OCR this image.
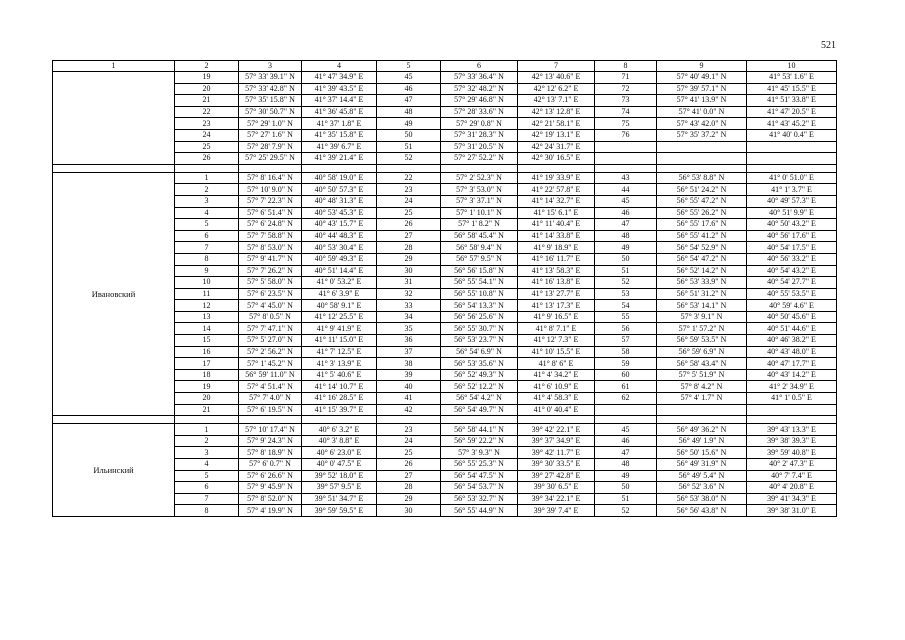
521
1	2	3	4	5	6	7	8	9	10
	19	57° 33' 39.1" N	41° 47' 34.9" E	45	57° 33' 36.4" N	42° 13' 40.6" E	71	57° 40' 49.1" N	41° 53' 1.6" E
	20	57° 33' 42.8" N	41° 39' 43.5" E	46	57° 32' 48.2" N	42° 12' 6.2" E	72	57° 39' 57.1" N	41° 45' 15.5" E
	21	57° 35' 15.8" N	41° 37' 14.4" E	47	57° 29' 46.8" N	42° 13' 7.1" E	73	57° 41' 13.9" N	41° 51' 33.8" E
	22	57° 30' 50.7" N	41° 36' 45.8" E	48	57° 28' 33.6" N	42° 13' 12.8" E	74	57° 41' 0.0" N	41° 47' 20.5" E
	23	57° 29' 1.0" N	41° 37' 1.8" E	49	57° 29' 0.8" N	42° 21' 58.1" E	75	57° 43' 42.0" N	41° 43' 45.2" E
	24	57° 27' 1.6" N	41° 35' 15.8" E	50	57° 31' 28.3" N	42° 19' 13.1" E	76	57° 35' 37.2" N	41° 40' 0.4" E
	25	57° 28' 7.9" N	41° 39' 6.7" E	51	57° 31' 20.5" N	42° 24' 31.7" E			
	26	57° 25' 29.5" N	41° 39' 21.4" E	52	57° 27' 52.2" N	42° 30' 16.5" E			

Ивановский	1	57° 8' 16.4" N	40° 58' 19.0" E	22	57° 2' 52.3" N	41° 19' 33.9" E	43	56° 53' 8.8" N	41° 0' 51.0" E
	2	57° 10' 9.0" N	40° 50' 57.3" E	23	57° 3' 53.0" N	41° 22' 57.8" E	44	56° 51' 24.2" N	41° 1' 3.7" E
	3	57° 7' 22.3" N	40° 48' 31.3" E	24	57° 3' 37.1" N	41° 14' 32.7" E	45	56° 55' 47.2" N	40° 49' 57.3" E
	4	57° 6' 51.4" N	40° 53' 45.3" E	25	57° 1' 10.1" N	41° 15' 6.1" E	46	56° 55' 26.2" N	40° 51' 9.9" E
	5	57° 6' 24.8" N	40° 43' 15.7" E	26	57° 1' 8.2" N	41° 11' 40.4" E	47	56° 55' 17.6" N	40° 50' 43.2" E
	6	57° 7' 58.8" N	40° 44' 48.3" E	27	56° 58' 45.4" N	41° 14' 33.8" E	48	56° 55' 41.2" N	40° 56' 17.6" E
	7	57° 8' 53.0" N	40° 53' 30.4" E	28	56° 58' 9.4" N	41° 9' 18.9" E	49	56° 54' 52.9" N	40° 54' 17.5" E
	8	57° 9' 41.7" N	40° 59' 49.3" E	29	56° 57' 9.5" N	41° 16' 11.7" E	50	56° 54' 47.2" N	40° 56' 33.2" E
	9	57° 7' 26.2" N	40° 51' 14.4" E	30	56° 56' 15.8" N	41° 13' 58.3" E	51	56° 52' 14.2" N	40° 54' 43.2" E
	10	57° 5' 58.0" N	41° 0' 53.2" E	31	56° 55' 54.1" N	41° 16' 13.8" E	52	56° 53' 33.9" N	40° 54' 27.7" E
	11	57° 6' 23.5" N	41° 6' 3.9" E	32	56° 55' 10.8" N	41° 13' 27.7" E	53	56° 51' 31.2" N	40° 55' 53.5" E
	12	57° 4' 45.0" N	40° 58' 9.1" E	33	56° 54' 13.3" N	41° 13' 17.3" E	54	56° 53' 14.1" N	40° 59' 4.6" E
	13	57° 8' 0.5" N	41° 12' 25.5" E	34	56° 56' 25.6" N	41° 9' 16.5" E	55	57° 3' 9.1" N	40° 50' 45.6" E
	14	57° 7' 47.1" N	41° 9' 41.9" E	35	56° 55' 30.7" N	41° 8' 7.1" E	56	57° 1' 57.2" N	40° 51' 44.6" E
	15	57° 5' 27.0" N	41° 11' 15.0" E	36	56° 53' 23.7" N	41° 12' 7.3" E	57	56° 59' 53.5" N	40° 46' 38.2" E
	16	57° 2' 56.2" N	41° 7' 12.5" E	37	56° 54' 6.9" N	41° 10' 15.5" E	58	56° 59' 6.9" N	40° 43' 48.0" E
	17	57° 1' 45.2" N	41° 3' 13.9" E	38	56° 53' 35.6" N	41° 8' 6" E	59	56° 58' 43.4" N	40° 47' 17.7" E
	18	56° 59' 11.0" N	41° 5' 40.6" E	39	56° 52' 49.3" N	41° 4' 34.2" E	60	57° 5' 51.9" N	40° 43' 14.2" E
	19	57° 4' 51.4" N	41° 14' 10.7" E	40	56° 52' 12.2" N	41° 6' 10.9" E	61	57° 8' 4.2" N	41° 2' 34.9" E
	20	57° 7' 4.0" N	41° 16' 28.5" E	41	56° 54' 4.2" N	41° 4' 58.3" E	62	57° 4' 1.7" N	41° 1' 0.5" E
	21	57° 6' 19.5" N	41° 15' 39.7" E	42	56° 54' 49.7" N	41° 0' 40.4" E			

Ильинский	1	57° 10' 17.4" N	40° 6' 3.2" E	23	56° 58' 44.1" N	39° 42' 22.1" E	45	56° 49' 36.2" N	39° 43' 13.3" E
	2	57° 9' 24.3" N	40° 3' 8.8" E	24	56° 59' 22.2" N	39° 37' 34.9" E	46	56° 49' 1.9" N	39° 38' 39.3" E
	3	57° 8' 18.9" N	40° 6' 23.0" E	25	57° 3' 9.3" N	39° 42' 11.7" E	47	56° 50' 15.6" N	39° 59' 40.8" E
	4	57° 6' 0.7" N	40° 0' 47.5" E	26	56° 55' 25.3" N	39° 30' 33.5" E	48	56° 49' 31.9" N	40° 2' 47.3" E
	5	57° 6' 26.6" N	39° 52' 18.0" E	27	56° 54' 47.5" N	39° 27' 42.8" E	49	56° 49' 5.4" N	40° 7' 7.4" E
	6	57° 9' 45.9" N	39° 57' 9.5" E	28	56° 54' 53.7" N	39° 30' 6.5" E	50	56° 52' 3.6" N	40° 4' 20.8" E
	7	57° 8' 52.0" N	39° 51' 34.7" E	29	56° 53' 32.7" N	39° 34' 22.1" E	51	56° 53' 38.0" N	39° 41' 34.3" E
	8	57° 4' 19.9" N	39° 59' 59.5" E	30	56° 55' 44.9" N	39° 39' 7.4" E	52	56° 56' 43.8" N	39° 38' 31.0" E
